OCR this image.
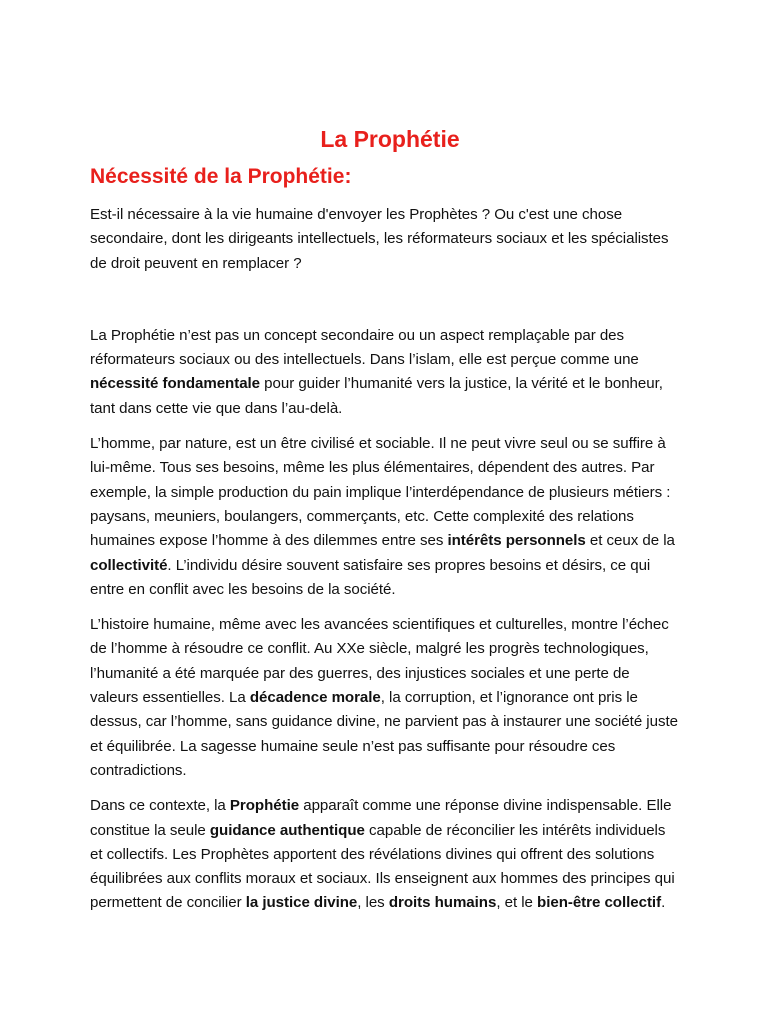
La Prophétie
Nécessité de la Prophétie:

Est-il nécessaire à la vie humaine d'envoyer les Prophètes ? Ou c'est une chose secondaire, dont les dirigeants intellectuels, les réformateurs sociaux et les spécialistes de droit peuvent en remplacer ?

La Prophétie n’est pas un concept secondaire ou un aspect remplaçable par des réformateurs sociaux ou des intellectuels. Dans l’islam, elle est perçue comme une nécessité fondamentale pour guider l’humanité vers la justice, la vérité et le bonheur, tant dans cette vie que dans l’au-delà.

L’homme, par nature, est un être civilisé et sociable. Il ne peut vivre seul ou se suffire à lui-même. Tous ses besoins, même les plus élémentaires, dépendent des autres. Par exemple, la simple production du pain implique l’interdépendance de plusieurs métiers : paysans, meuniers, boulangers, commerçants, etc. Cette complexité des relations humaines expose l’homme à des dilemmes entre ses intérêts personnels et ceux de la collectivité. L’individu désire souvent satisfaire ses propres besoins et désirs, ce qui entre en conflit avec les besoins de la société.

L’histoire humaine, même avec les avancées scientifiques et culturelles, montre l’échec de l’homme à résoudre ce conflit. Au XXe siècle, malgré les progrès technologiques, l’humanité a été marquée par des guerres, des injustices sociales et une perte de valeurs essentielles. La décadence morale, la corruption, et l’ignorance ont pris le dessus, car l’homme, sans guidance divine, ne parvient pas à instaurer une société juste et équilibrée. La sagesse humaine seule n’est pas suffisante pour résoudre ces contradictions.

Dans ce contexte, la Prophétie apparaît comme une réponse divine indispensable. Elle constitue la seule guidance authentique capable de réconcilier les intérêts individuels et collectifs. Les Prophètes apportent des révélations divines qui offrent des solutions équilibrées aux conflits moraux et sociaux. Ils enseignent aux hommes des principes qui permettent de concilier la justice divine, les droits humains, et le bien-être collectif.
